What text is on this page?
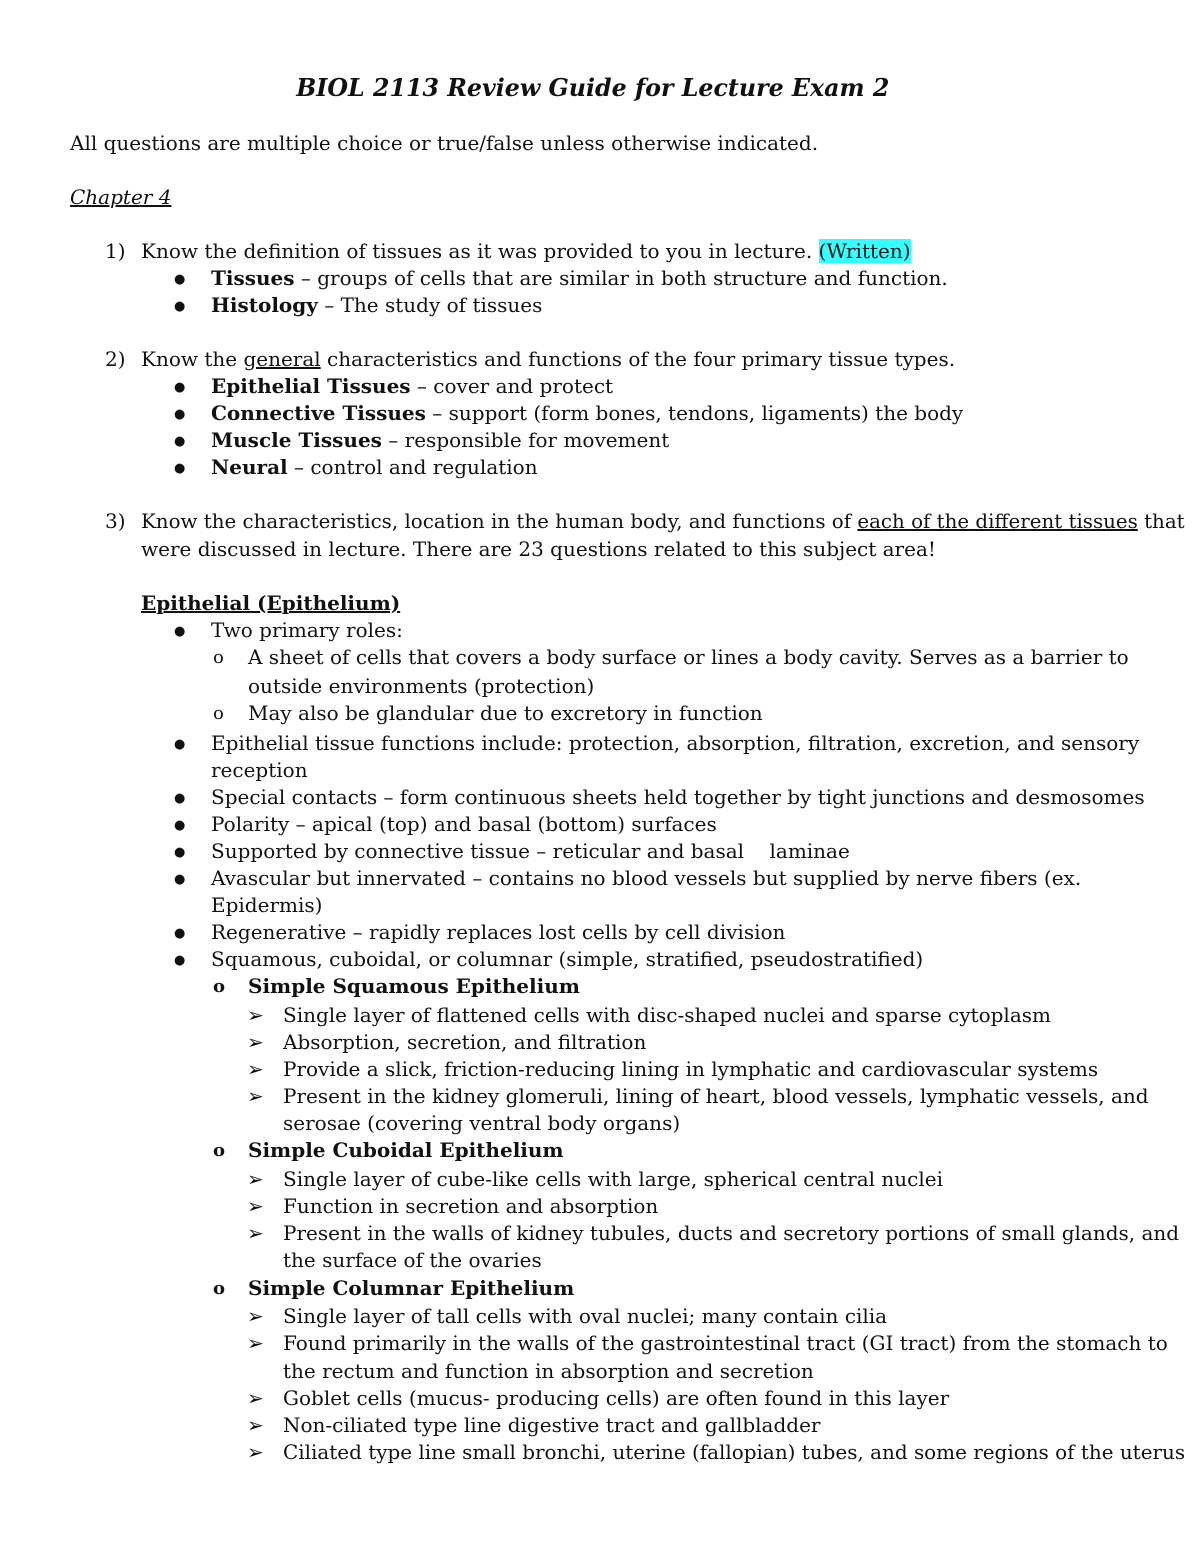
BIOL 2113 Review Guide for Lecture Exam 2
All questions are multiple choice or true/false unless otherwise indicated.
Chapter 4
1) Know the definition of tissues as it was provided to you in lecture. (Written)
● Tissues – groups of cells that are similar in both structure and function.
● Histology – The study of tissues
2) Know the general characteristics and functions of the four primary tissue types.
● Epithelial Tissues – cover and protect
● Connective Tissues – support (form bones, tendons, ligaments) the body
● Muscle Tissues – responsible for movement
● Neural – control and regulation
3) Know the characteristics, location in the human body, and functions of each of the different tissues that
were discussed in lecture. There are 23 questions related to this subject area!
Epithelial (Epithelium)
● Two primary roles:
o A sheet of cells that covers a body surface or lines a body cavity. Serves as a barrier to
outside environments (protection)
o May also be glandular due to excretory in function
● Epithelial tissue functions include: protection, absorption, filtration, excretion, and sensory
reception
● Special contacts – form continuous sheets held together by tight junctions and desmosomes
● Polarity – apical (top) and basal (bottom) surfaces
● Supported by connective tissue – reticular and basal    laminae
● Avascular but innervated – contains no blood vessels but supplied by nerve fibers (ex.
Epidermis)
● Regenerative – rapidly replaces lost cells by cell division
● Squamous, cuboidal, or columnar (simple, stratified, pseudostratified)
o Simple Squamous Epithelium
➢ Single layer of flattened cells with disc-shaped nuclei and sparse cytoplasm
➢ Absorption, secretion, and filtration
➢ Provide a slick, friction-reducing lining in lymphatic and cardiovascular systems
➢ Present in the kidney glomeruli, lining of heart, blood vessels, lymphatic vessels, and
serosae (covering ventral body organs)
o Simple Cuboidal Epithelium
➢ Single layer of cube-like cells with large, spherical central nuclei
➢ Function in secretion and absorption
➢ Present in the walls of kidney tubules, ducts and secretory portions of small glands, and
the surface of the ovaries
o Simple Columnar Epithelium
➢ Single layer of tall cells with oval nuclei; many contain cilia
➢ Found primarily in the walls of the gastrointestinal tract (GI tract) from the stomach to
the rectum and function in absorption and secretion
➢ Goblet cells (mucus- producing cells) are often found in this layer
➢ Non-ciliated type line digestive tract and gallbladder
➢ Ciliated type line small bronchi, uterine (fallopian) tubes, and some regions of the uterus
